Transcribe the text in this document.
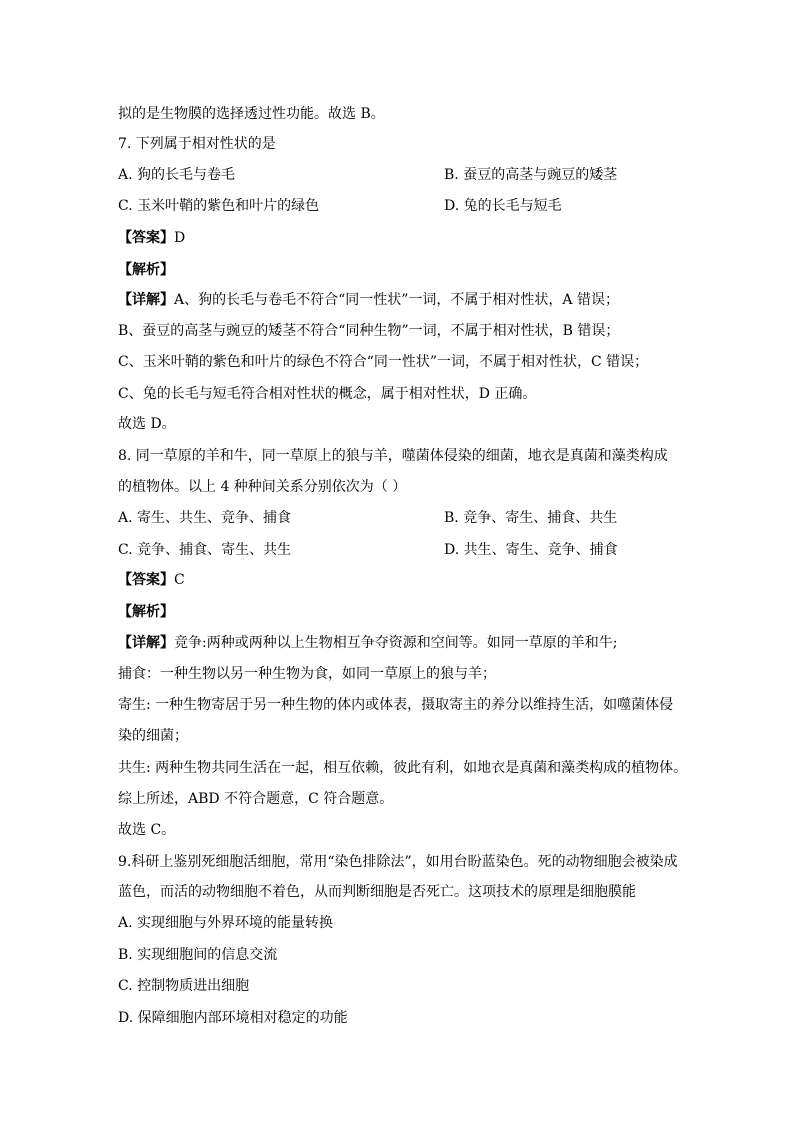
拟的是生物膜的选择透过性功能。故选 B。
7. 下列属于相对性状的是
A. 狗的长毛与卷毛	B. 蚕豆的高茎与豌豆的矮茎
C. 玉米叶鞘的紫色和叶片的绿色	D. 兔的长毛与短毛
【答案】D
【解析】
【详解】A、狗的长毛与卷毛不符合“同一性状”一词，不属于相对性状，A 错误；
B、蚕豆的高茎与豌豆的矮茎不符合“同种生物”一词，不属于相对性状，B 错误；
C、玉米叶鞘的紫色和叶片的绿色不符合“同一性状”一词，不属于相对性状，C 错误；
C、兔的长毛与短毛符合相对性状的概念，属于相对性状，D 正确。
故选 D。
8. 同一草原的羊和牛，同一草原上的狼与羊，噬菌体侵染的细菌，地衣是真菌和藻类构成
的植物体。以上 4 种种间关系分别依次为（ ）
A. 寄生、共生、竞争、捕食	B. 竞争、寄生、捕食、共生
C. 竞争、捕食、寄生、共生	D. 共生、寄生、竞争、捕食
【答案】C
【解析】
【详解】竞争:两种或两种以上生物相互争夺资源和空间等。如同一草原的羊和牛;
捕食：一种生物以另一种生物为食，如同一草原上的狼与羊；
寄生: 一种生物寄居于另一种生物的体内或体表，摄取寄主的养分以维持生活，如噬菌体侵
染的细菌；
共生: 两种生物共同生活在一起，相互依赖，彼此有利，如地衣是真菌和藻类构成的植物体。
综上所述，ABD 不符合题意，C 符合题意。
故选 C。
9.科研上鉴别死细胞活细胞，常用“染色排除法”，如用台盼蓝染色。死的动物细胞会被染成
蓝色，而活的动物细胞不着色，从而判断细胞是否死亡。这项技术的原理是细胞膜能
A. 实现细胞与外界环境的能量转换
B. 实现细胞间的信息交流
C. 控制物质进出细胞
D. 保障细胞内部环境相对稳定的功能
